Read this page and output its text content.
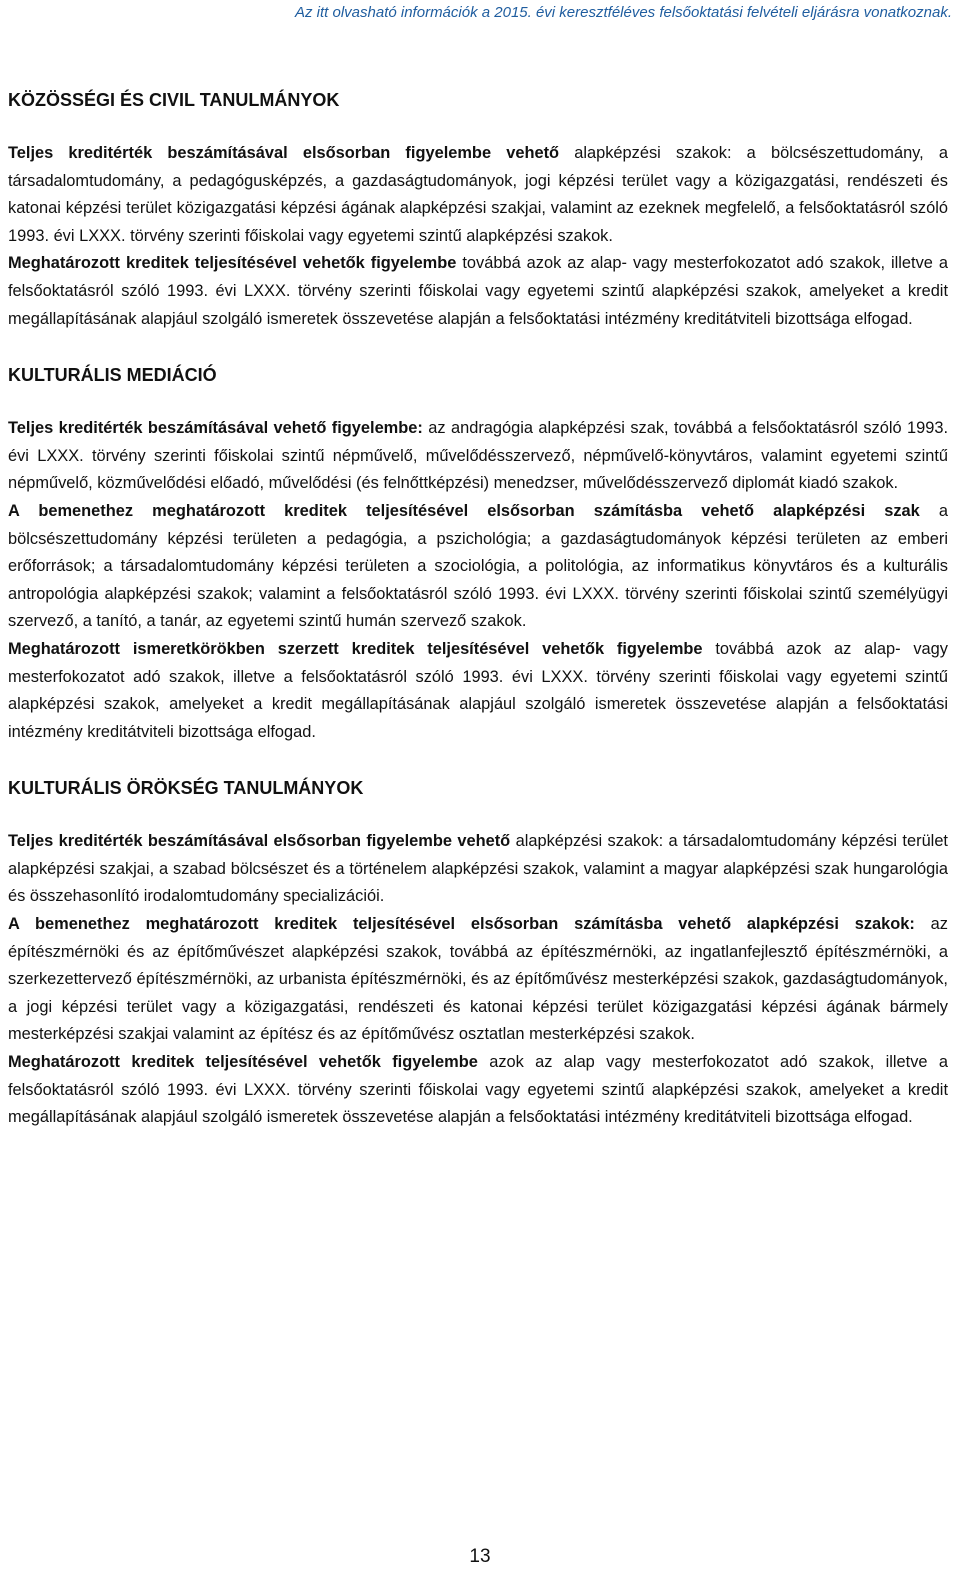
Az itt olvasható információk a 2015. évi keresztféléves felsőoktatási felvételi eljárásra vonatkoznak.
KÖZÖSSÉGI ÉS CIVIL TANULMÁNYOK

Teljes kreditérték beszámításával elsősorban figyelembe vehető alapképzési szakok: a bölcsészettudomány, a társadalomtudomány, a pedagógusképzés, a gazdaságtudományok, jogi képzési terület vagy a közigazgatási, rendészeti és katonai képzési terület közigazgatási képzési ágának alapképzési szakjai, valamint az ezeknek megfelelő, a felsőoktatásról szóló 1993. évi LXXX. törvény szerinti főiskolai vagy egyetemi szintű alapképzési szakok.

Meghatározott kreditek teljesítésével vehetők figyelembe továbbá azok az alap- vagy mesterfokozatot adó szakok, illetve a felsőoktatásról szóló 1993. évi LXXX. törvény szerinti főiskolai vagy egyetemi szintű alapképzési szakok, amelyeket a kredit megállapításának alapjául szolgáló ismeretek összevetése alapján a felsőoktatási intézmény kreditátviteli bizottsága elfogad.

KULTURÁLIS MEDIÁCIÓ

Teljes kreditérték beszámításával vehető figyelembe: az andragógia alapképzési szak, továbbá a felsőoktatásról szóló 1993. évi LXXX. törvény szerinti főiskolai szintű népművelő, művelődésszervező, népművelő-könyvtáros, valamint egyetemi szintű népművelő, közművelődési előadó, művelődési (és felnőttképzési) menedzser, művelődésszervező diplomát kiadó szakok.

A bemenethez meghatározott kreditek teljesítésével elsősorban számításba vehető alapképzési szak a bölcsészettudomány képzési területen a pedagógia, a pszichológia; a gazdaságtudományok képzési területen az emberi erőforrások; a társadalomtudomány képzési területen a szociológia, a politológia, az informatikus könyvtáros és a kulturális antropológia alapképzési szakok; valamint a felsőoktatásról szóló 1993. évi LXXX. törvény szerinti főiskolai szintű személyügyi szervező, a tanító, a tanár, az egyetemi szintű humán szervező szakok.

Meghatározott ismeretkörökben szerzett kreditek teljesítésével vehetők figyelembe továbbá azok az alap- vagy mesterfokozatot adó szakok, illetve a felsőoktatásról szóló 1993. évi LXXX. törvény szerinti főiskolai vagy egyetemi szintű alapképzési szakok, amelyeket a kredit megállapításának alapjául szolgáló ismeretek összevetése alapján a felsőoktatási intézmény kreditátviteli bizottsága elfogad.

KULTURÁLIS ÖRÖKSÉG TANULMÁNYOK

Teljes kreditérték beszámításával elsősorban figyelembe vehető alapképzési szakok: a társadalomtudomány képzési terület alapképzési szakjai, a szabad bölcsészet és a történelem alapképzési szakok, valamint a magyar alapképzési szak hungarológia és összehasonlító irodalomtudomány specializációi.

A bemenethez meghatározott kreditek teljesítésével elsősorban számításba vehető alapképzési szakok: az építészmérnöki és az építőművészet alapképzési szakok, továbbá az építészmérnöki, az ingatlanfejlesztő építészmérnöki, a szerkezettervező építészmérnöki, az urbanista építészmérnöki, és az építőművész mesterképzési szakok, gazdaságtudományok, a jogi képzési terület vagy a közigazgatási, rendészeti és katonai képzési terület közigazgatási képzési ágának bármely mesterképzési szakjai valamint az építész és az építőművész osztatlan mesterképzési szakok.

Meghatározott kreditek teljesítésével vehetők figyelembe azok az alap vagy mesterfokozatot adó szakok, illetve a felsőoktatásról szóló 1993. évi LXXX. törvény szerinti főiskolai vagy egyetemi szintű alapképzési szakok, amelyeket a kredit megállapításának alapjául szolgáló ismeretek összevetése alapján a felsőoktatási intézmény kreditátviteli bizottsága elfogad.

13
